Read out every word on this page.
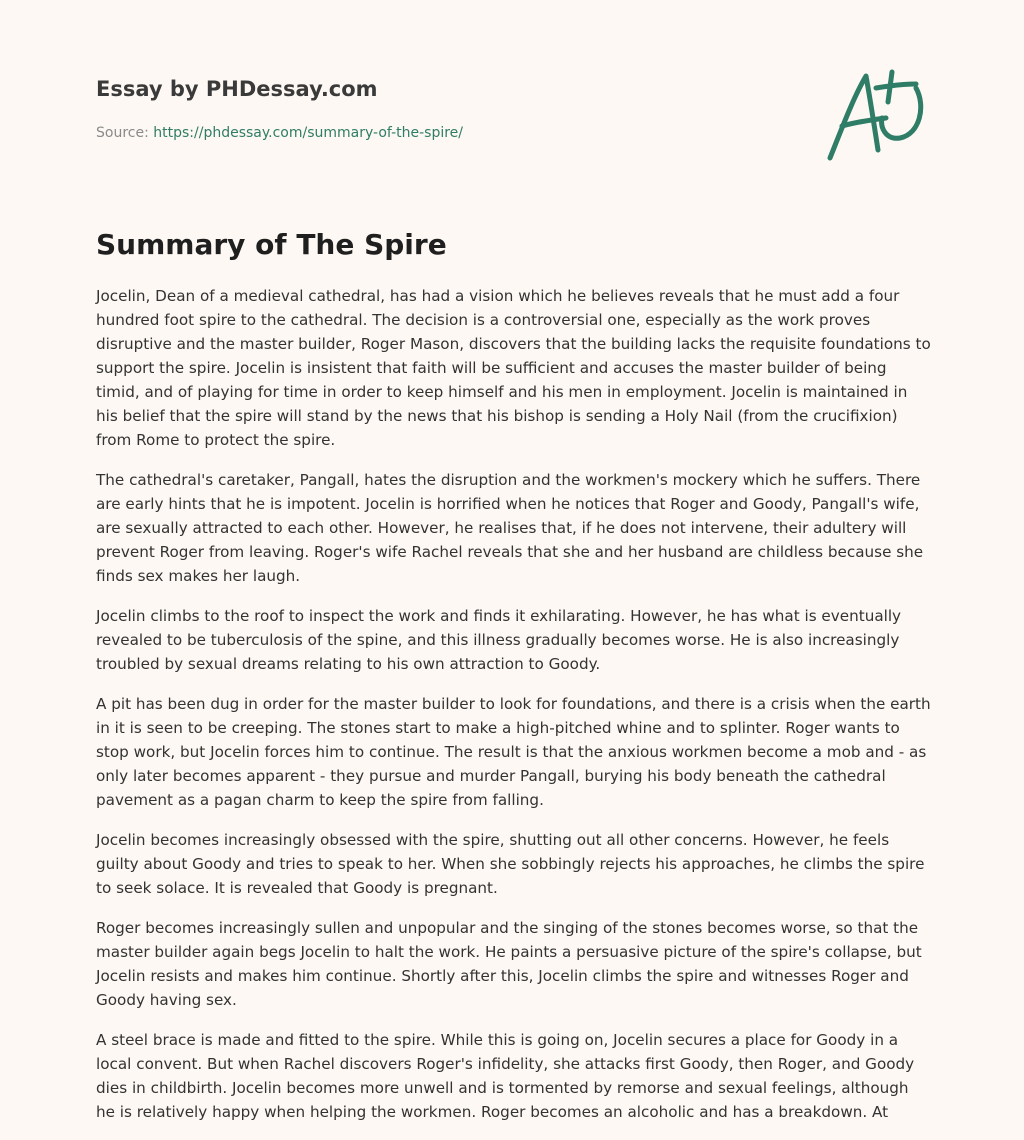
Essay by PHDessay.com
Source: https://phdessay.com/summary-of-the-spire/
Summary of The Spire

Jocelin, Dean of a medieval cathedral, has had a vision which he believes reveals that he must add a four hundred foot spire to the cathedral. The decision is a controversial one, especially as the work proves disruptive and the master builder, Roger Mason, discovers that the building lacks the requisite foundations to support the spire. Jocelin is insistent that faith will be sufficient and accuses the master builder of being timid, and of playing for time in order to keep himself and his men in employment. Jocelin is maintained in his belief that the spire will stand by the news that his bishop is sending a Holy Nail (from the crucifixion) from Rome to protect the spire.

The cathedral's caretaker, Pangall, hates the disruption and the workmen's mockery which he suffers. There are early hints that he is impotent. Jocelin is horrified when he notices that Roger and Goody, Pangall's wife, are sexually attracted to each other. However, he realises that, if he does not intervene, their adultery will prevent Roger from leaving. Roger's wife Rachel reveals that she and her husband are childless because she finds sex makes her laugh.

Jocelin climbs to the roof to inspect the work and finds it exhilarating. However, he has what is eventually revealed to be tuberculosis of the spine, and this illness gradually becomes worse. He is also increasingly troubled by sexual dreams relating to his own attraction to Goody.

A pit has been dug in order for the master builder to look for foundations, and there is a crisis when the earth in it is seen to be creeping. The stones start to make a high-pitched whine and to splinter. Roger wants to stop work, but Jocelin forces him to continue. The result is that the anxious workmen become a mob and - as only later becomes apparent - they pursue and murder Pangall, burying his body beneath the cathedral pavement as a pagan charm to keep the spire from falling.

Jocelin becomes increasingly obsessed with the spire, shutting out all other concerns. However, he feels guilty about Goody and tries to speak to her. When she sobbingly rejects his approaches, he climbs the spire to seek solace. It is revealed that Goody is pregnant.

Roger becomes increasingly sullen and unpopular and the singing of the stones becomes worse, so that the master builder again begs Jocelin to halt the work. He paints a persuasive picture of the spire's collapse, but Jocelin resists and makes him continue. Shortly after this, Jocelin climbs the spire and witnesses Roger and Goody having sex.

A steel brace is made and fitted to the spire. While this is going on, Jocelin secures a place for Goody in a local convent. But when Rachel discovers Roger's infidelity, she attacks first Goody, then Roger, and Goody dies in childbirth. Jocelin becomes more unwell and is tormented by remorse and sexual feelings, although he is relatively happy when helping the workmen. Roger becomes an alcoholic and has a breakdown. At
